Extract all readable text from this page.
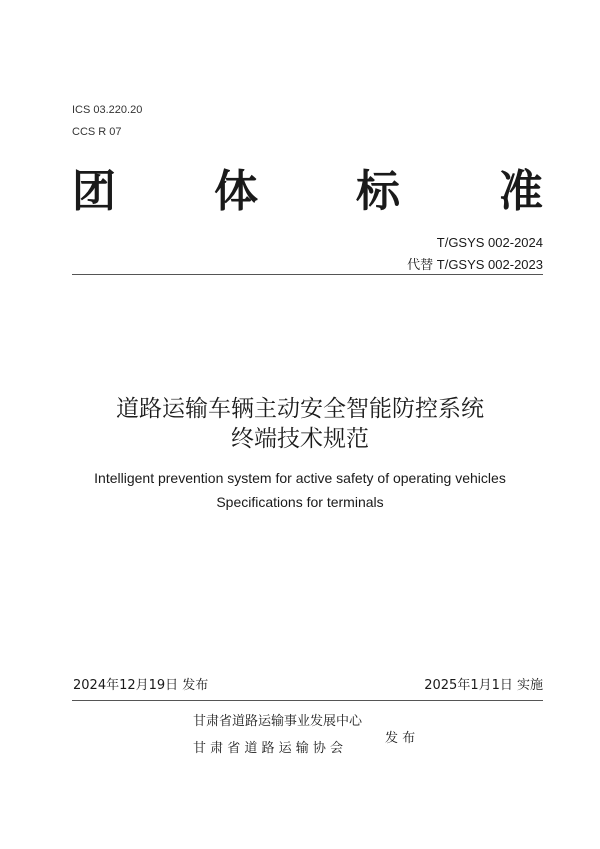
ICS 03.220.20
CCS R 07
团 体 标 准
T/GSYS 002-2024
代替 T/GSYS 002-2023
道路运输车辆主动安全智能防控系统
终端技术规范
Intelligent prevention system for active safety of operating vehicles
Specifications for terminals
2024年12月19日 发布	2025年1月1日 实施
甘肃省道路运输事业发展中心
甘 肃 省 道 路 运 输 协 会
发 布
